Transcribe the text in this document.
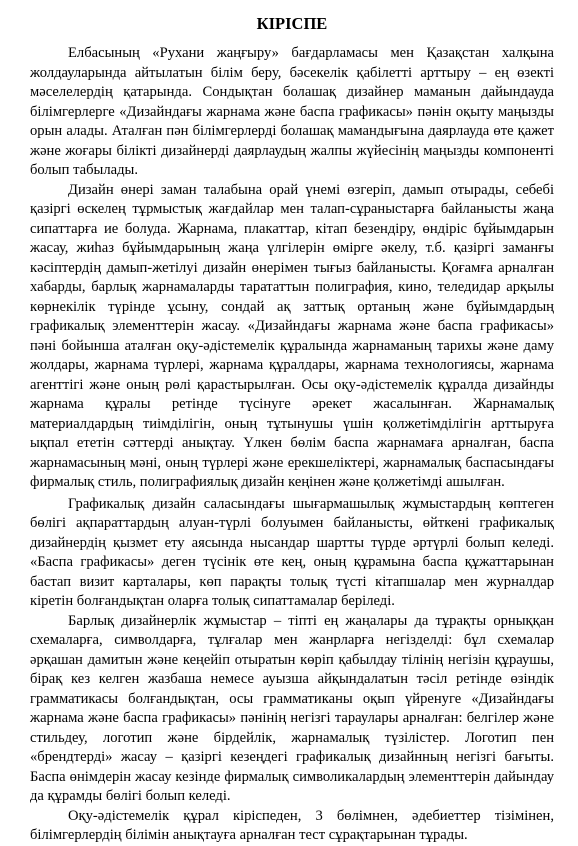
КІРІСПЕ

Елбасының «Рухани жаңғыру» бағдарламасы мен Қазақстан халқына жолдауларында айтылатын білім беру, бәсекелік қабілетті арттыру – ең өзекті мәселелердің қатарында. Сондықтан болашақ дизайнер маманын дайындауда білімгерлерге «Дизайндағы жарнама және баспа графикасы» пәнін оқыту маңызды орын алады. Аталған пән білімгерлерді болашақ мамандығына даярлауда өте қажет және жоғары білікті дизайнерді даярлаудың жалпы жүйесінің маңызды компоненті болып табылады.

Дизайн өнері заман талабына орай үнемі өзгеріп, дамып отырады, себебі қазіргі өскелең тұрмыстық жағдайлар мен талап-сұраныстарға байланысты жаңа сипаттарға ие болуда. Жарнама, плакаттар, кітап безендіру, өндіріс бұйымдарын жасау, жиһаз бұйымдарының жаңа үлгілерін өмірге әкелу, т.б. қазіргі заманғы кәсіптердің дамып-жетілуі дизайн өнерімен тығыз байланысты. Қоғамға арналған хабарды, барлық жарнамаларды тарататтын полиграфия, кино, теледидар арқылы көрнекілік түрінде ұсыну, сондай ақ заттық ортаның және бұйымдардың графикалық элементтерін жасау. «Дизайндағы жарнама және баспа графикасы» пәні бойынша аталған оқу-әдістемелік құралында жарнаманың тарихы және даму жолдары, жарнама түрлері, жарнама құралдары, жарнама технологиясы, жарнама агенттігі және оның рөлі қарастырылған. Осы оқу-әдістемелік құралда дизайнды жарнама құралы ретінде түсінуге әрекет жасалынған. Жарнамалық материалдардың тиімділігін, оның тұтынушы үшін қолжетімділігін арттыруға ықпал ететін сәттерді анықтау. Үлкен бөлім баспа жарнамаға арналған, баспа жарнамасының мәні, оның түрлері және ерекшеліктері, жарнамалық баспасындағы фирмалық стиль, полиграфиялық дизайн кеңінен және қолжетімді ашылған.

Графикалық дизайн саласындағы шығармашылық жұмыстардың көптеген бөлігі ақпараттардың алуан-түрлі болуымен байланысты, өйткені графикалық дизайнердің қызмет ету аясында нысандар шартты түрде әртүрлі болып келеді. «Баспа графикасы» деген түсінік өте кең, оның құрамына баспа құжаттарынан бастап визит карталары, көп парақты толық түсті кітапшалар мен журналдар кіретін болғандықтан оларға толық сипаттамалар беріледі.

Барлық дизайнерлік жұмыстар – тіпті ең жаңалары да тұрақты орныққан схемаларға, символдарға, тұлғалар мен жанрларға негізделді: бұл схемалар әрқашан дамитын және кеңейіп отыратын көріп қабылдау тілінің негізін құраушы, бірақ кез келген жазбаша немесе ауызша айқындалатын тәсіл ретінде өзіндік грамматикасы болғандықтан, осы грамматиканы оқып үйренуге «Дизайндағы жарнама және баспа графикасы» пәнінің негізгі тараулары арналған: белгілер және стильдеу, логотип және бірдейлік, жарнамалық түзілістер. Логотип пен «брендтерді» жасау – қазіргі кезеңдегі графикалық дизайнның негізгі бағыты. Баспа өнімдерін жасау кезінде фирмалық символикалардың элементтерін дайындау да құрамды бөлігі болып келеді.

Оқу-әдістемелік құрал кіріспеден, 3 бөлімнен, әдебиеттер тізімінен, білімгерлердің білімін анықтауға арналған тест сұрақтарынан тұрады.
